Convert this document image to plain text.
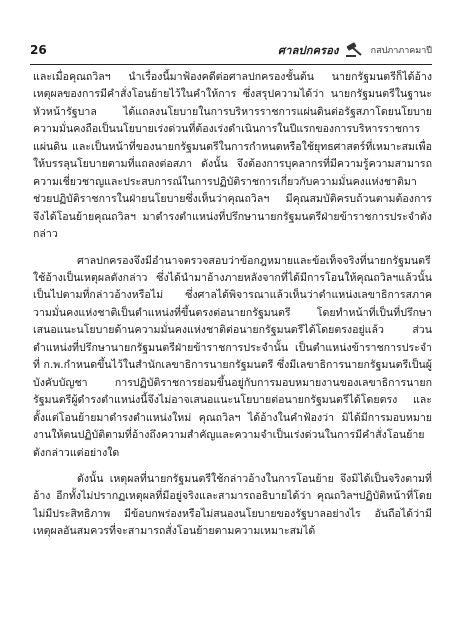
26	ศาลปกครอง	กสปภาภาคมาปี

และเมื่อคุณถวิลฯ นำเรื่องนี้มาฟ้องคดีต่อศาลปกครองชั้นต้น นายกรัฐมนตรีก็ได้อ้างเหตุผลของการมีคำสั่งโอนย้ายไว้ในคำให้การ ซึ่งสรุปความได้ว่า นายกรัฐมนตรีในฐานะหัวหน้ารัฐบาล ได้แถลงนโยบายในการบริหารราชการแผ่นดินต่อรัฐสภาโดยนโยบายความมั่นคงถือเป็นนโยบายเร่งด่วนที่ต้องเร่งดำเนินการในปีแรกของการบริหารราชการแผ่นดิน และเป็นหน้าที่ของนายกรัฐมนตรีในการกำหนดหรือใช้ยุทธศาสตร์ที่เหมาะสมเพื่อให้บรรลุนโยบายตามที่แถลงต่อสภา ดังนั้น จึงต้องการบุคลากรที่มีความรู้ความสามารถ ความเชี่ยวชาญและประสบการณ์ในการปฏิบัติราชการเกี่ยวกับความมั่นคงแห่งชาติมาช่วยปฏิบัติราชการในฝ่ายนโยบายซึ่งเห็นว่าคุณถวิลฯ มีคุณสมบัติครบถ้วนตามต้องการ จึงได้โอนย้ายคุณถวิลฯ มาดำรงตำแหน่งที่ปรึกษานายกรัฐมนตรีฝ่ายข้าราชการประจำดังกล่าว

ศาลปกครองจึงมีอำนาจตรวจสอบว่าข้อกฎหมายและข้อเท็จจริงที่นายกรัฐมนตรีใช้อ้างเป็นเหตุผลดังกล่าว ซึ่งได้นำมาอ้างภายหลังจากที่ได้มีการโอนให้คุณถวิลฯแล้วนั้น เป็นไปตามที่กล่าวอ้างหรือไม่ ซึ่งศาลได้พิจารณาแล้วเห็นว่าตำแหน่งเลขาธิการสภาความมั่นคงแห่งชาติเป็นตำแหน่งที่ขึ้นตรงต่อนายกรัฐมนตรี โดยทำหน้าที่เป็นที่ปรึกษาเสนอแนะนโยบายด้านความมั่นคงแห่งชาติต่อนายกรัฐมนตรีได้โดยตรงอยู่แล้ว ส่วนตำแหน่งที่ปรึกษานายกรัฐมนตรีฝ่ายข้าราชการประจำนั้น เป็นตำแหน่งข้าราชการประจำที่ ก.พ.กำหนดขึ้นไว้ในสำนักเลขาธิการนายกรัฐมนตรี ซึ่งมีเลขาธิการนายกรัฐมนตรีเป็นผู้บังคับบัญชา การปฏิบัติราชการย่อมขึ้นอยู่กับการมอบหมายงานของเลขาธิการนายกรัฐมนตรีผู้ดำรงตำแหน่งนี้จึงไม่อาจเสนอแนะนโยบายต่อนายกรัฐมนตรีได้โดยตรง และตั้งแต่โอนย้ายมาดำรงตำแหน่งใหม่ คุณถวิลฯ ได้อ้างในคำฟ้องว่า มิได้มีการมอบหมายงานให้ตนปฏิบัติตามที่อ้างถึงความสำคัญและความจำเป็นเร่งด่วนในการมีคำสั่งโอนย้ายดังกล่าวแต่อย่างใด

ดังนั้น เหตุผลที่นายกรัฐมนตรีใช้กล่าวอ้างในการโอนย้าย จึงมิได้เป็นจริงตามที่อ้าง อีกทั้งไม่ปรากฏเหตุผลที่มีอยู่จริงและสามารถอธิบายได้ว่า คุณถวิลฯปฏิบัติหน้าที่โดยไม่มีประสิทธิภาพ มีข้อบกพร่องหรือไม่สนองนโยบายของรัฐบาลอย่างไร อันถือได้ว่ามีเหตุผลอันสมควรที่จะสามารถสั่งโอนย้ายตามความเหมาะสมได้
